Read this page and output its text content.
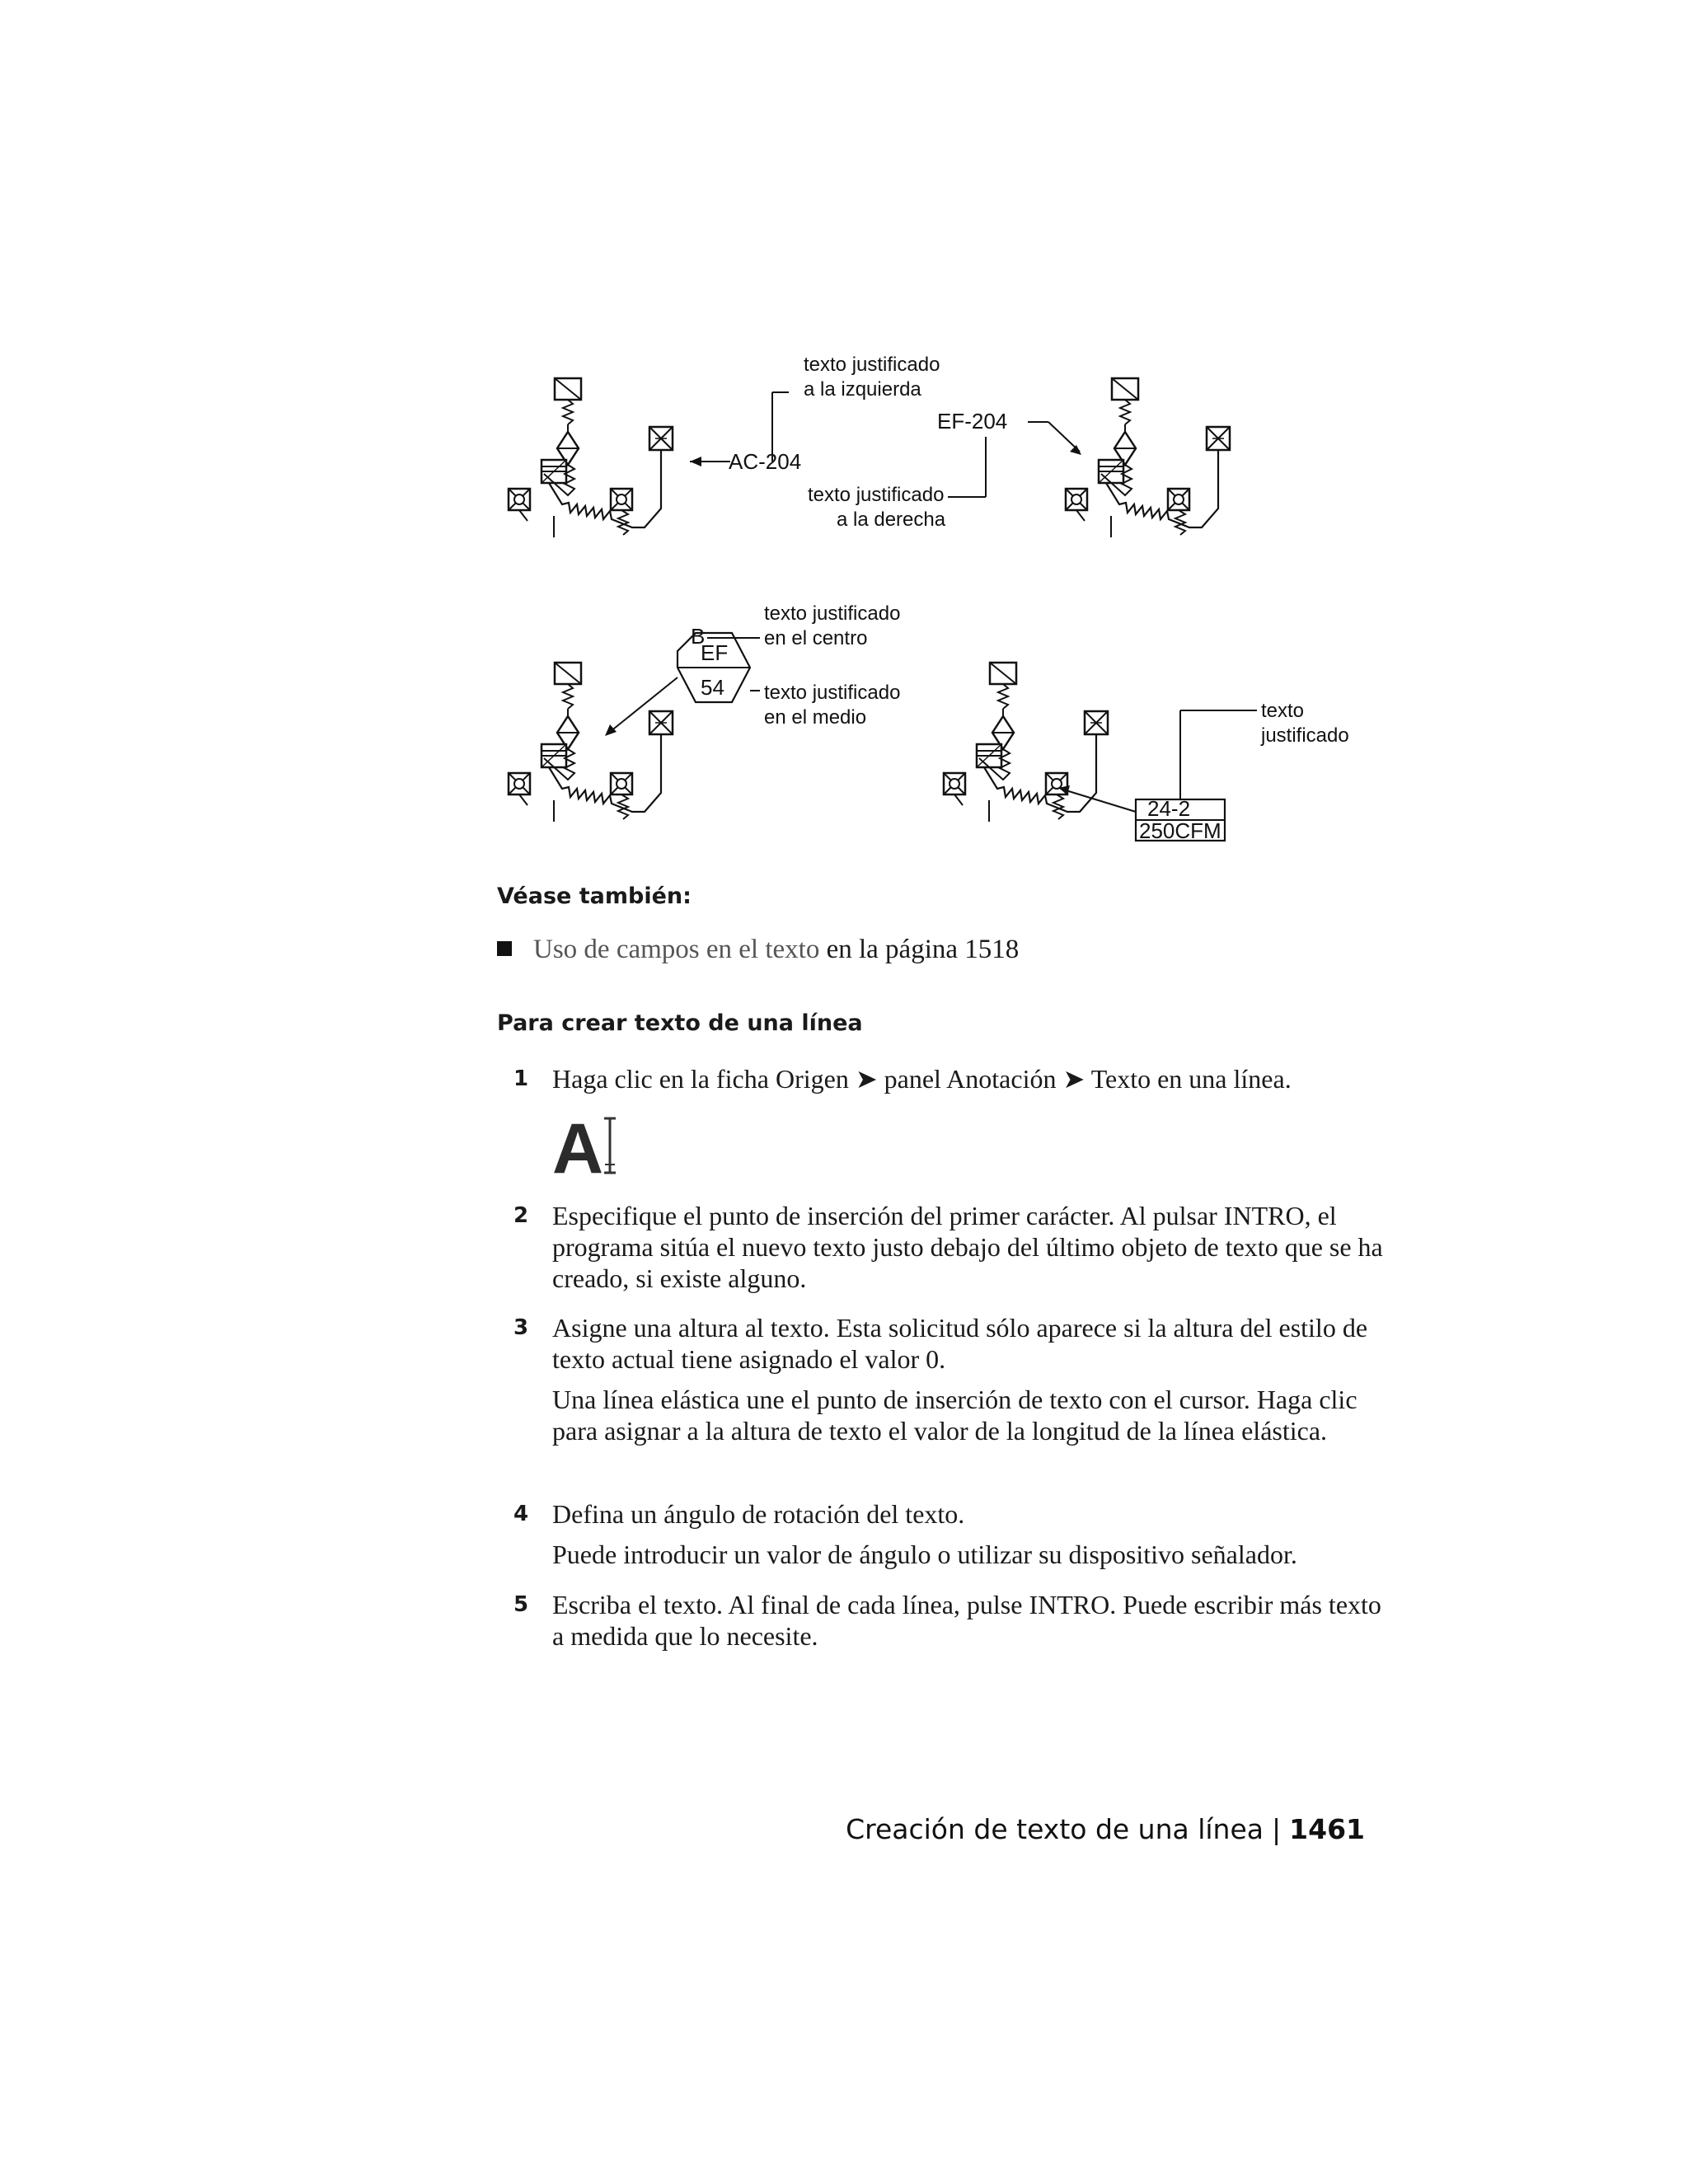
AC-204
texto justificado
a la izquierda
EF-204
texto justificado
a la derecha
EF
54
B
texto justificado
en el centro
texto justificado
en el medio
24-2
250CFM
texto
justificado
Véase también:
Uso de campos en el texto en la página 1518
Para crear texto de una línea
1 Haga clic en la ficha Origen ➤ panel Anotación ➤ Texto en una línea.

A
2 Especifique el punto de inserción del primer carácter. Al pulsar INTRO, el programa sitúa el nuevo texto justo debajo del último objeto de texto que se ha creado, si existe alguno.

3 Asigne una altura al texto. Esta solicitud sólo aparece si la altura del estilo de texto actual tiene asignado el valor 0.

Una línea elástica une el punto de inserción de texto con el cursor. Haga clic para asignar a la altura de texto el valor de la longitud de la línea elástica.

4 Defina un ángulo de rotación del texto.

Puede introducir un valor de ángulo o utilizar su dispositivo señalador.

5 Escriba el texto. Al final de cada línea, pulse INTRO. Puede escribir más texto a medida que lo necesite.

Creación de texto de una línea | 1461
